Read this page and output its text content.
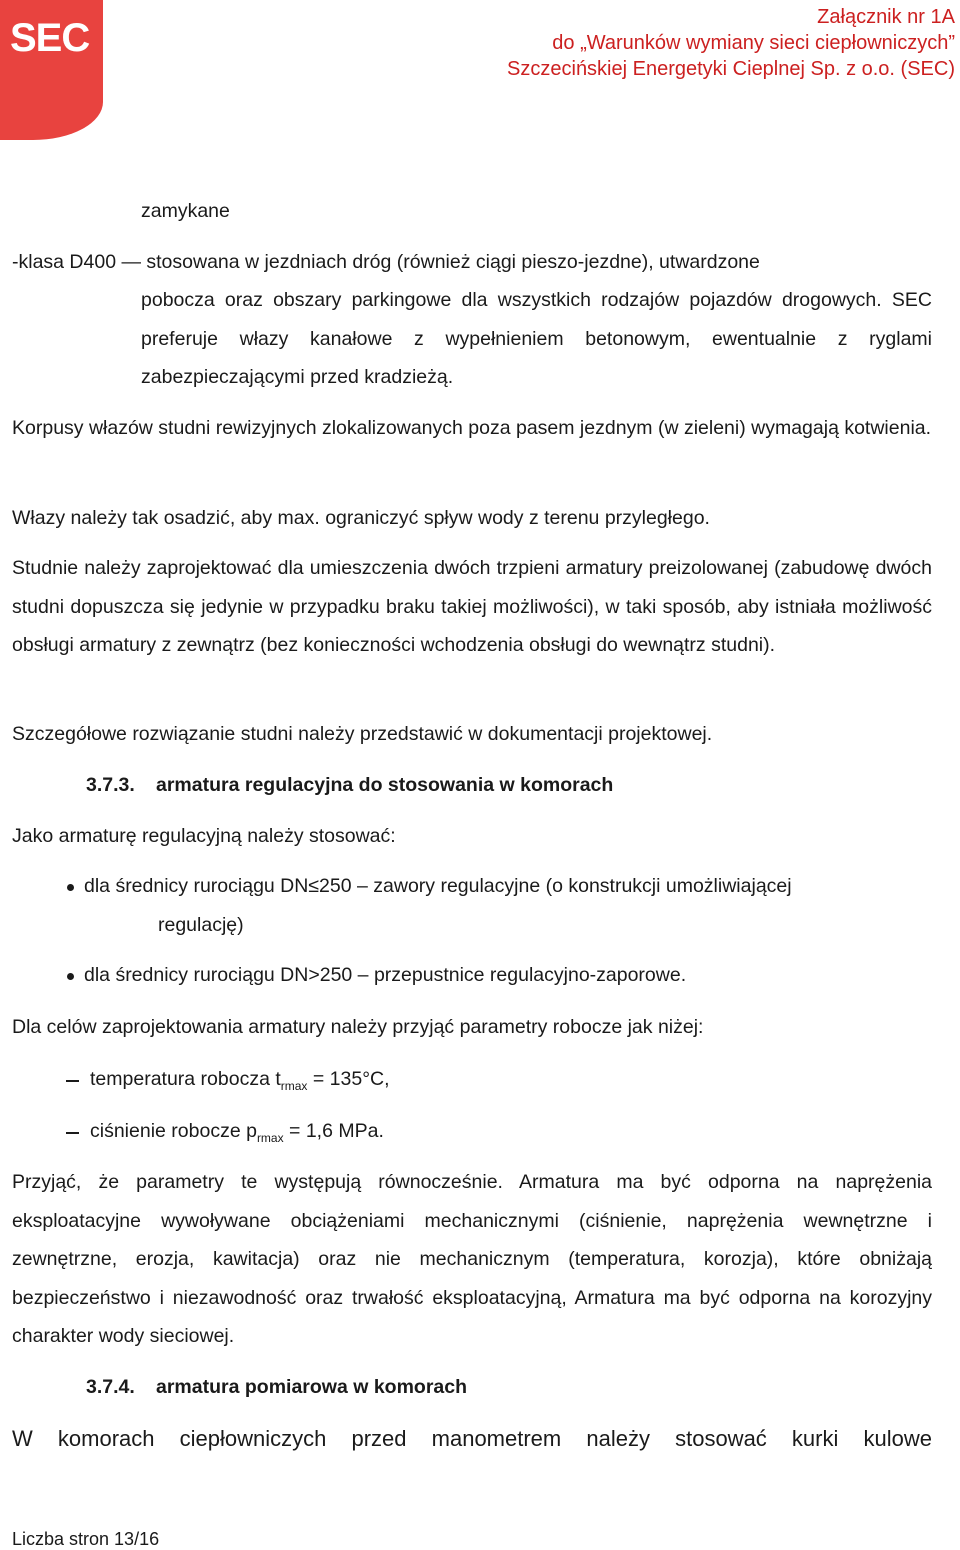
SEC	Załącznik nr 1A
do „Warunków wymiany sieci ciepłowniczych”
Szczecińskiej Energetyki Cieplnej Sp. z o.o. (SEC)

zamykane

-klasa D400 — stosowana w jezdniach dróg (również ciągi pieszo-jezdne), utwardzone

pobocza oraz obszary parkingowe dla wszystkich rodzajów pojazdów drogowych. SEC preferuje włazy kanałowe z wypełnieniem betonowym, ewentualnie z ryglami zabezpieczającymi przed kradzieżą.

Korpusy włazów studni rewizyjnych zlokalizowanych poza pasem jezdnym (w zieleni) wymagają kotwienia.

Włazy należy tak osadzić, aby max. ograniczyć spływ wody z terenu przyległego.

Studnie należy zaprojektować dla umieszczenia dwóch trzpieni armatury preizolowanej (zabudowę dwóch studni dopuszcza się jedynie w przypadku braku takiej możliwości), w taki sposób, aby istniała możliwość obsługi armatury z zewnątrz (bez konieczności wchodzenia obsługi do wewnątrz studni).

Szczegółowe rozwiązanie studni należy przedstawić w dokumentacji projektowej.

3.7.3. armatura regulacyjna do stosowania w komorach

Jako armaturę regulacyjną należy stosować:

dla średnicy rurociągu DN≤250 – zawory regulacyjne (o konstrukcji umożliwiającej

regulację)

dla średnicy rurociągu DN>250 – przepustnice regulacyjno-zaporowe.

Dla celów zaprojektowania armatury należy przyjąć parametry robocze jak niżej:

temperatura robocza $t_{rmax} = 135^\circ C$,

ciśnienie robocze $p_{rmax} = 1,6$ MPa.

Przyjąć, że parametry te występują równocześnie. Armatura ma być odporna na naprężenia eksploatacyjne wywoływane obciążeniami mechanicznymi (ciśnienie, naprężenia wewnętrzne i zewnętrzne, erozja, kawitacja) oraz nie mechanicznym (temperatura, korozja), które obniżają bezpieczeństwo i niezawodność oraz trwałość eksploatacyjną, Armatura ma być odporna na korozyjny charakter wody sieciowej.

3.7.4. armatura pomiarowa w komorach

W komorach ciepłowniczych przed manometrem należy stosować kurki kulowe

Liczba stron 13/16
